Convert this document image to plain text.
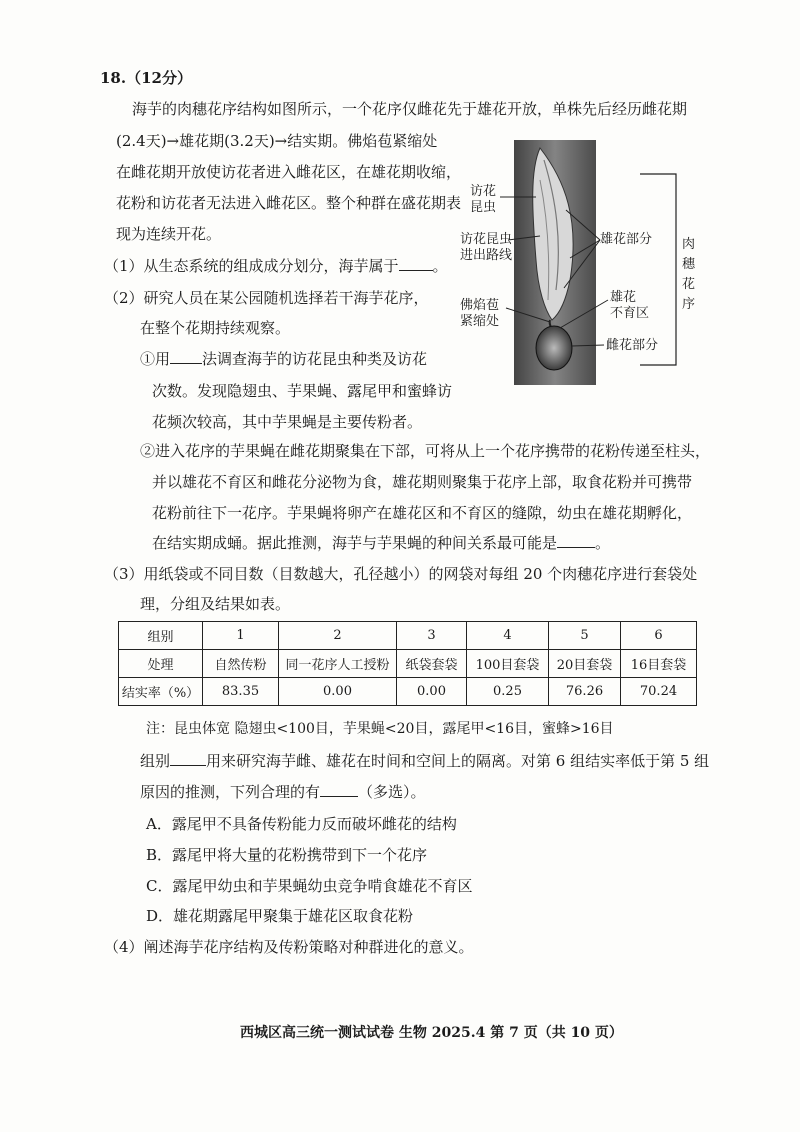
18.（12分）
海芋的肉穗花序结构如图所示，一个花序仅雌花先于雄花开放，单株先后经历雌花期
(2.4天)→雄花期(3.2天)→结实期。佛焰苞紧缩处
在雌花期开放使访花者进入雌花区，在雄花期收缩，
花粉和访花者无法进入雌花区。整个种群在盛花期表
现为连续开花。
（1）从生态系统的组成成分划分，海芋属于 。
（2）研究人员在某公园随机选择若干海芋花序，
在整个花期持续观察。
①用 法调查海芋的访花昆虫种类及访花
次数。发现隐翅虫、芋果蝇、露尾甲和蜜蜂访
花频次较高，其中芋果蝇是主要传粉者。
②进入花序的芋果蝇在雌花期聚集在下部，可将从上一个花序携带的花粉传递至柱头，
并以雄花不育区和雌花分泌物为食，雄花期则聚集于花序上部，取食花粉并可携带
花粉前往下一花序。芋果蝇将卵产在雄花区和不育区的缝隙，幼虫在雄花期孵化，
在结实期成蛹。据此推测，海芋与芋果蝇的种间关系最可能是	。
（3）用纸袋或不同目数（目数越大，孔径越小）的网袋对每组 20 个肉穗花序进行套袋处
理，分组及结果如表。
组别	1	2	3	4	5	6
处理	自然传粉	同一花序人工授粉	纸袋套袋	100目套袋	20目套袋	16目套袋
结实率（%）	83.35	0.00	0.00	0.25	76.26	70.24
注：昆虫体宽 隐翅虫<100目，芋果蝇<20目，露尾甲<16目，蜜蜂>16目
组别 用来研究海芋雌、雄花在时间和空间上的隔离。对第 6 组结实率低于第 5 组
原因的推测，下列合理的有	（多选）。
A．露尾甲不具备传粉能力反而破坏雌花的结构
B．露尾甲将大量的花粉携带到下一个花序
C．露尾甲幼虫和芋果蝇幼虫竞争啃食雄花不育区
D．雄花期露尾甲聚集于雄花区取食花粉
（4）阐述海芋花序结构及传粉策略对种群进化的意义。
西城区高三统一测试试卷 生物 2025.4 第 7 页（共 10 页）
访花
昆虫
访花昆虫
进出路线
佛焰苞
紧缩处
雄花部分
雄花
不育区
雌花部分
肉
穗
花
序
